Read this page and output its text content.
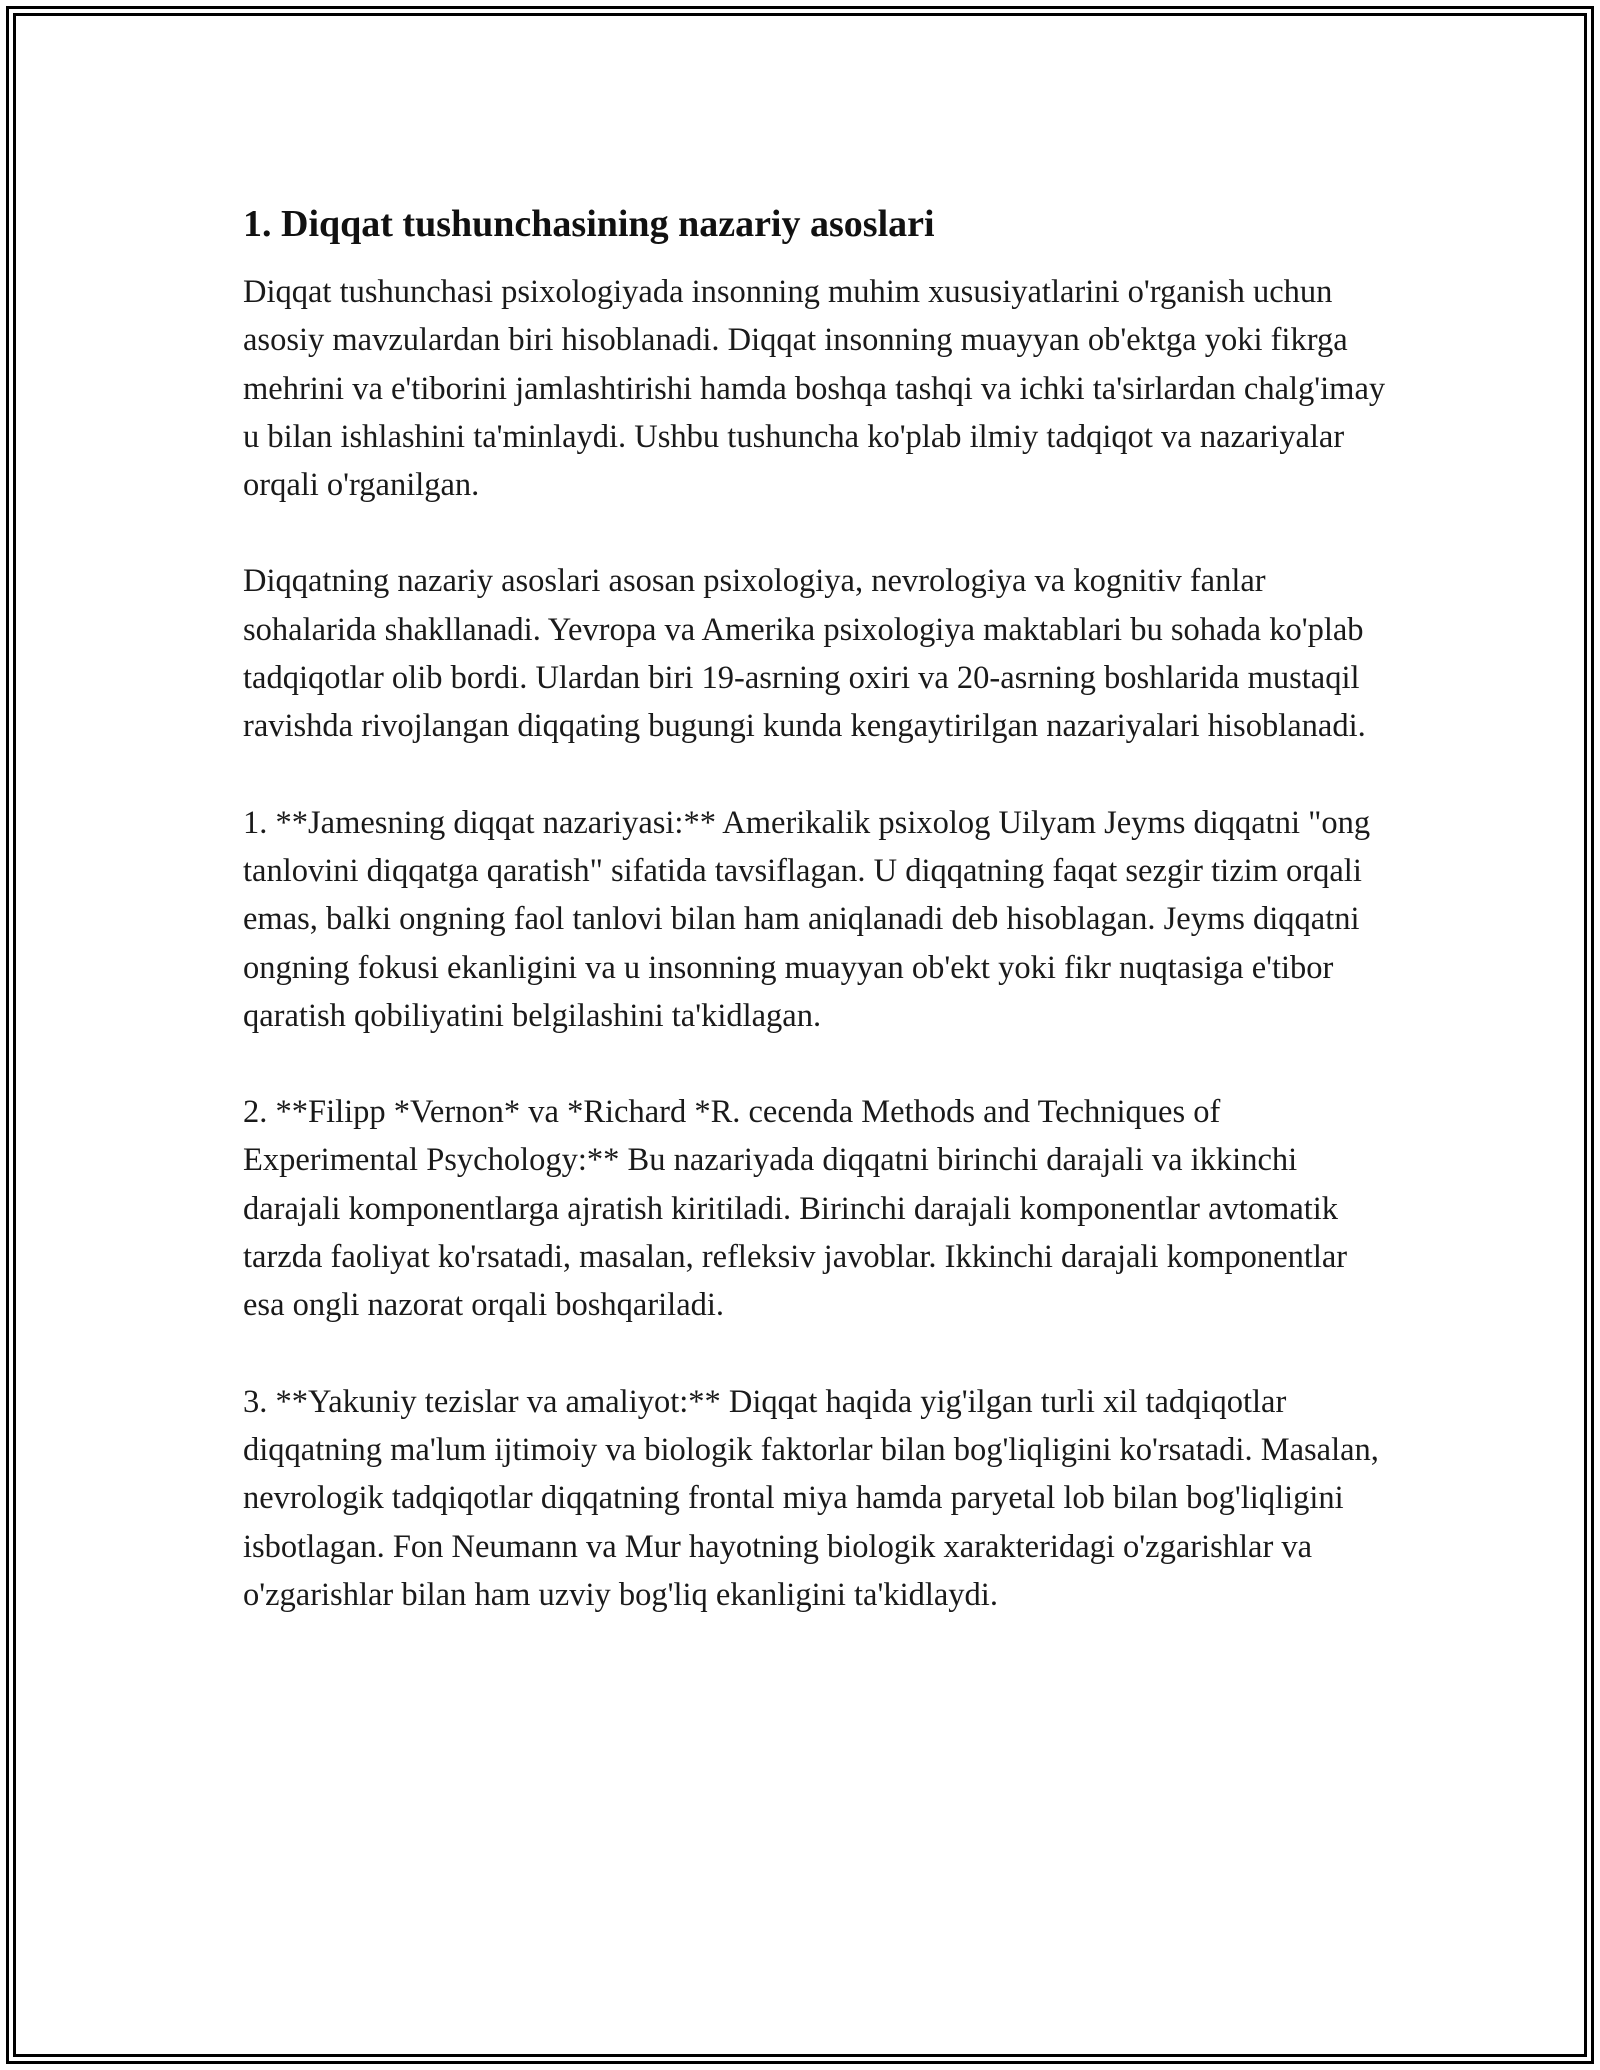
1. Diqqat tushunchasining nazariy asoslari

Diqqat tushunchasi psixologiyada insonning muhim xususiyatlarini o'rganish uchun asosiy mavzulardan biri hisoblanadi. Diqqat insonning muayyan ob'ektga yoki fikrga mehrini va e'tiborini jamlashtirishi hamda boshqa tashqi va ichki ta'sirlardan chalg'imay u bilan ishlashini ta'minlaydi. Ushbu tushuncha ko'plab ilmiy tadqiqot va nazariyalar orqali o'rganilgan.

Diqqatning nazariy asoslari asosan psixologiya, nevrologiya va kognitiv fanlar sohalarida shakllanadi. Yevropa va Amerika psixologiya maktablari bu sohada ko'plab tadqiqotlar olib bordi. Ulardan biri 19-asrning oxiri va 20-asrning boshlarida mustaqil ravishda rivojlangan diqqating bugungi kunda kengaytirilgan nazariyalari hisoblanadi.

1. **Jamesning diqqat nazariyasi:** Amerikalik psixolog Uilyam Jeyms diqqatni "ong tanlovini diqqatga qaratish" sifatida tavsiflagan. U diqqatning faqat sezgir tizim orqali emas, balki ongning faol tanlovi bilan ham aniqlanadi deb hisoblagan. Jeyms diqqatni ongning fokusi ekanligini va u insonning muayyan ob'ekt yoki fikr nuqtasiga e'tibor qaratish qobiliyatini belgilashini ta'kidlagan.

2. **Filipp *Vernon* va *Richard *R. cecenda Methods and Techniques of Experimental Psychology:** Bu nazariyada diqqatni birinchi darajali va ikkinchi darajali komponentlarga ajratish kiritiladi. Birinchi darajali komponentlar avtomatik tarzda faoliyat ko'rsatadi, masalan, refleksiv javoblar. Ikkinchi darajali komponentlar esa ongli nazorat orqali boshqariladi.

3. **Yakuniy tezislar va amaliyot:** Diqqat haqida yig'ilgan turli xil tadqiqotlar diqqatning ma'lum ijtimoiy va biologik faktorlar bilan bog'liqligini ko'rsatadi. Masalan, nevrologik tadqiqotlar diqqatning frontal miya hamda paryetal lob bilan bog'liqligini isbotlagan. Fon Neumann va Mur hayotning biologik xarakteridagi o'zgarishlar va o'zgarishlar bilan ham uzviy bog'liq ekanligini ta'kidlaydi.
